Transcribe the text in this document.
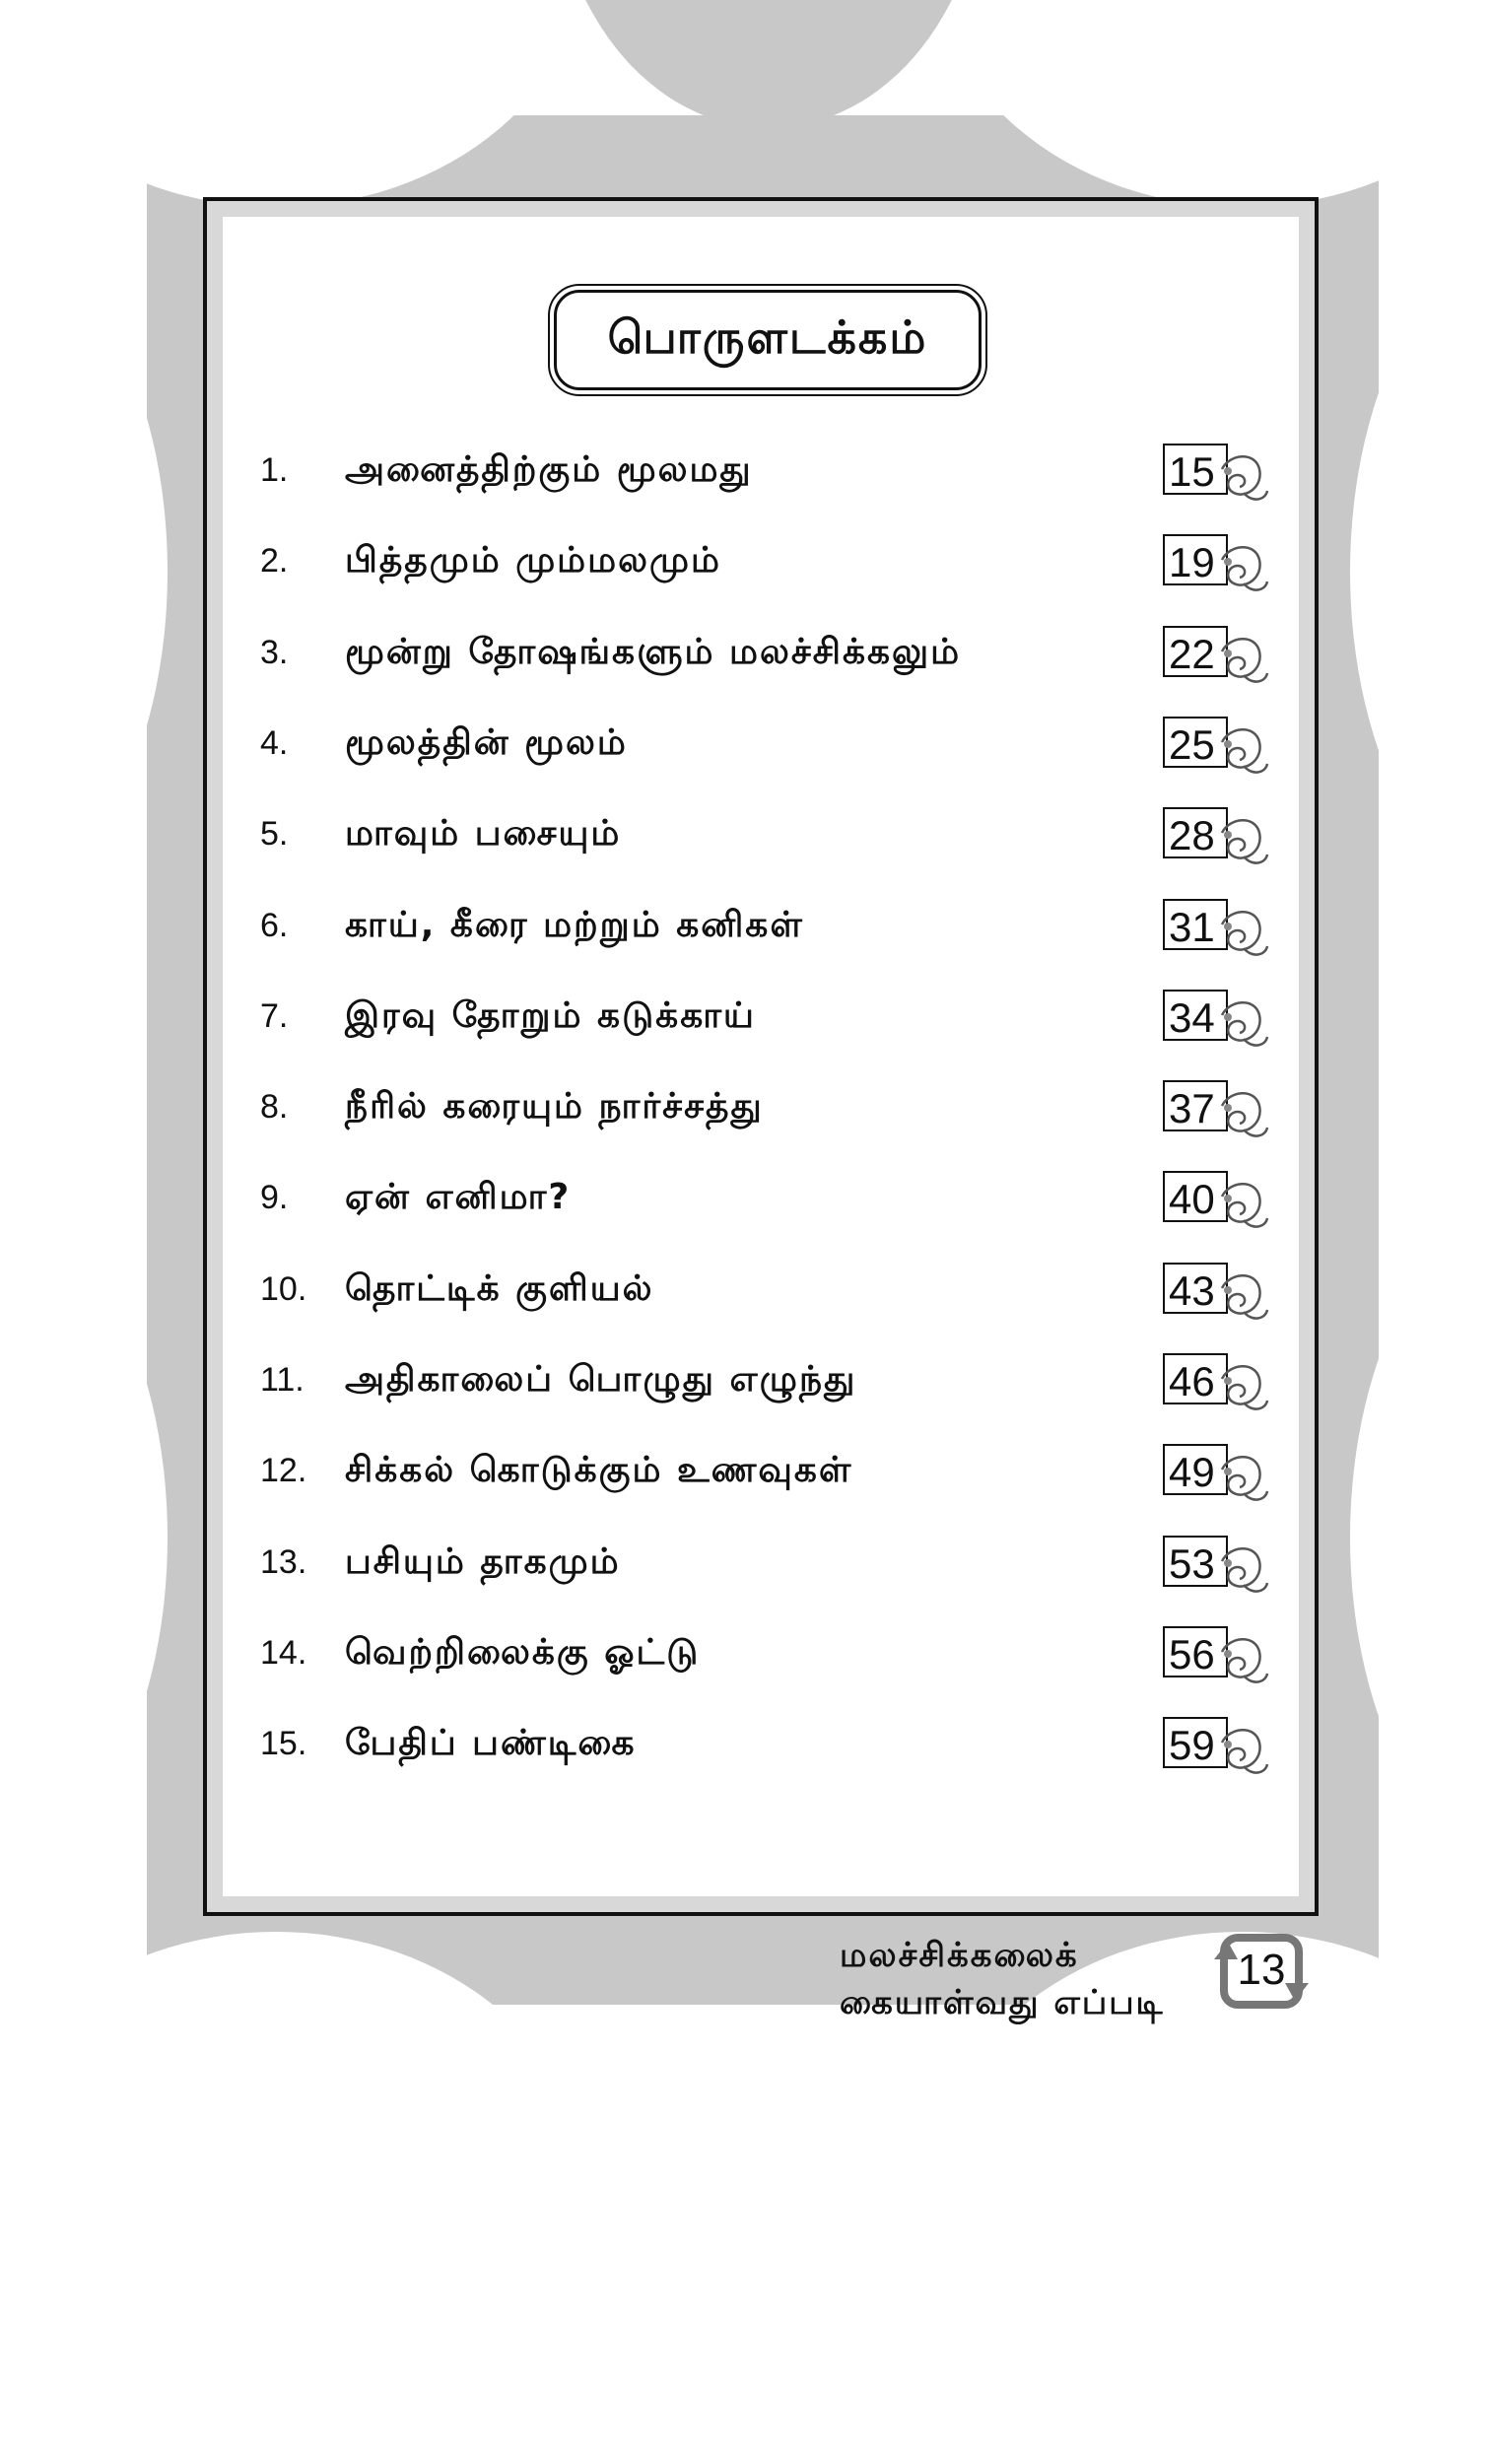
பொருளடக்கம்
1. அனைத்திற்கும் மூலமது	15
2. பித்தமும் மும்மலமும்	19
3. மூன்று தோஷங்களும் மலச்சிக்கலும்	22
4. மூலத்தின் மூலம்	25
5. மாவும் பசையும்	28
6. காய், கீரை மற்றும் கனிகள்	31
7. இரவு தோறும் கடுக்காய்	34
8. நீரில் கரையும் நார்ச்சத்து	37
9. ஏன் எனிமா?	40
10. தொட்டிக் குளியல்	43
11. அதிகாலைப் பொழுது எழுந்து	46
12. சிக்கல் கொடுக்கும் உணவுகள்	49
13. பசியும் தாகமும்	53
14. வெற்றிலைக்கு ஓட்டு	56
15. பேதிப் பண்டிகை	59
மலச்சிக்கலைக்
கையாள்வது எப்படி
13
